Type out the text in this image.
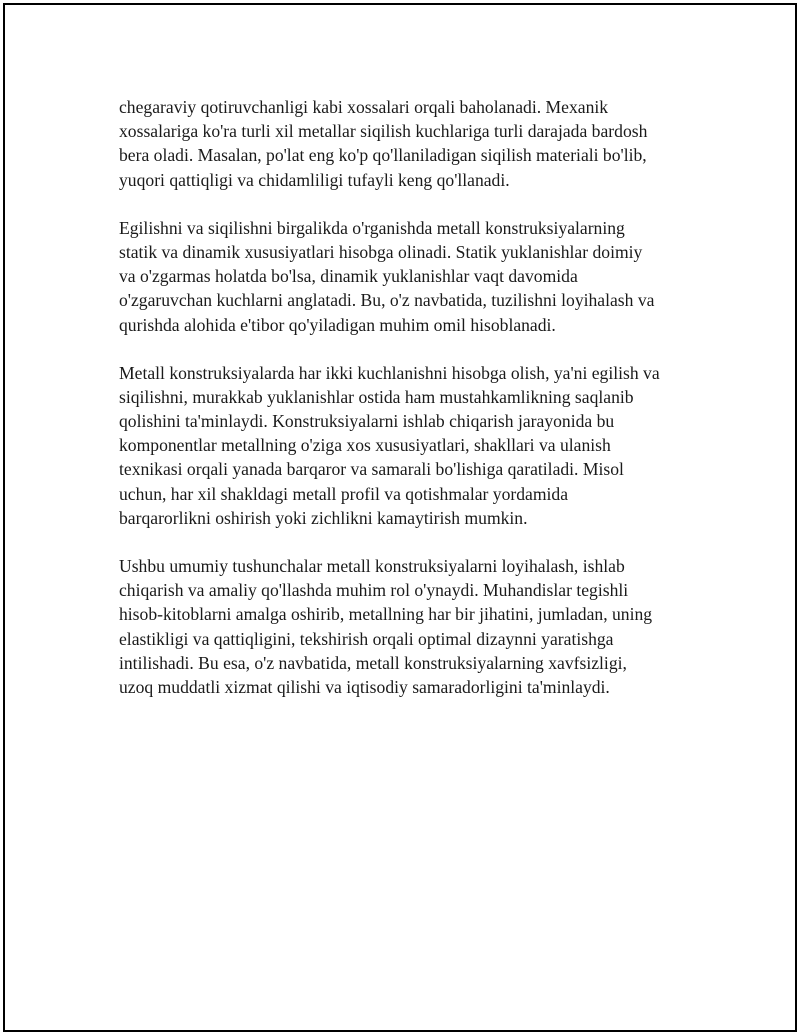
chegaraviy qotiruvchanligi kabi xossalari orqali baholanadi. Mexanik
xossalariga ko'ra turli xil metallar siqilish kuchlariga turli darajada bardosh
bera oladi. Masalan, po'lat eng ko'p qo'llaniladigan siqilish materiali bo'lib,
yuqori qattiqligi va chidamliligi tufayli keng qo'llanadi.

Egilishni va siqilishni birgalikda o'rganishda metall konstruksiyalarning
statik va dinamik xususiyatlari hisobga olinadi. Statik yuklanishlar doimiy
va o'zgarmas holatda bo'lsa, dinamik yuklanishlar vaqt davomida
o'zgaruvchan kuchlarni anglatadi. Bu, o'z navbatida, tuzilishni loyihalash va
qurishda alohida e'tibor qo'yiladigan muhim omil hisoblanadi.

Metall konstruksiyalarda har ikki kuchlanishni hisobga olish, ya'ni egilish va
siqilishni, murakkab yuklanishlar ostida ham mustahkamlikning saqlanib
qolishini ta'minlaydi. Konstruksiyalarni ishlab chiqarish jarayonida bu
komponentlar metallning o'ziga xos xususiyatlari, shakllari va ulanish
texnikasi orqali yanada barqaror va samarali bo'lishiga qaratiladi. Misol
uchun, har xil shakldagi metall profil va qotishmalar yordamida
barqarorlikni oshirish yoki zichlikni kamaytirish mumkin.

Ushbu umumiy tushunchalar metall konstruksiyalarni loyihalash, ishlab
chiqarish va amaliy qo'llashda muhim rol o'ynaydi. Muhandislar tegishli
hisob-kitoblarni amalga oshirib, metallning har bir jihatini, jumladan, uning
elastikligi va qattiqligini, tekshirish orqali optimal dizaynni yaratishga
intilishadi. Bu esa, o'z navbatida, metall konstruksiyalarning xavfsizligi,
uzoq muddatli xizmat qilishi va iqtisodiy samaradorligini ta'minlaydi.
